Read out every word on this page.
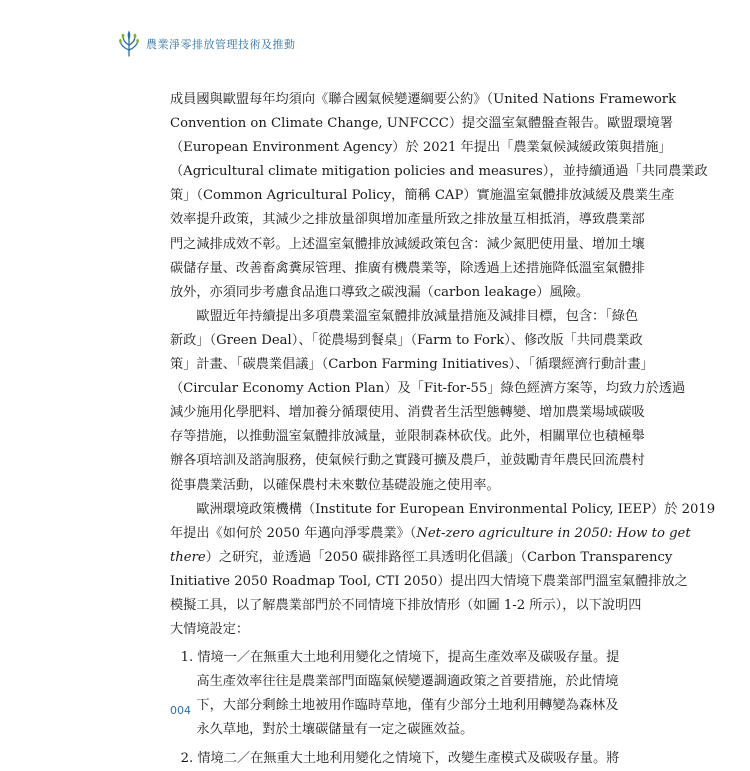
農業淨零排放管理技術及推動

成員國與歐盟每年均須向《聯合國氣候變遷綱要公約》（United Nations Framework
Convention on Climate Change, UNFCCC）提交溫室氣體盤查報告。歐盟環境署
（European Environment Agency）於 2021 年提出「農業氣候減緩政策與措施」
（Agricultural climate mitigation policies and measures），並持續通過「共同農業政
策」（Common Agricultural Policy，簡稱 CAP）實施溫室氣體排放減緩及農業生產
效率提升政策，其減少之排放量卻與增加產量所致之排放量互相抵消，導致農業部
門之減排成效不彰。上述溫室氣體排放減緩政策包含：減少氮肥使用量、增加土壤
碳儲存量、改善畜禽糞尿管理、推廣有機農業等，除透過上述措施降低溫室氣體排
放外，亦須同步考慮食品進口導致之碳洩漏（carbon leakage）風險。

歐盟近年持續提出多項農業溫室氣體排放減量措施及減排目標，包含：「綠色
新政」（Green Deal）、「從農場到餐桌」（Farm to Fork）、修改版「共同農業政
策」計畫、「碳農業倡議」（Carbon Farming Initiatives）、「循環經濟行動計畫」
（Circular Economy Action Plan）及「Fit-for-55」綠色經濟方案等，均致力於透過
減少施用化學肥料、增加養分循環使用、消費者生活型態轉變、增加農業場域碳吸
存等措施，以推動溫室氣體排放減量，並限制森林砍伐。此外，相關單位也積極舉
辦各項培訓及諮詢服務，使氣候行動之實踐可擴及農戶，並鼓勵青年農民回流農村
從事農業活動，以確保農村未來數位基礎設施之使用率。

歐洲環境政策機構（Institute for European Environmental Policy, IEEP）於 2019
年提出《如何於 2050 年邁向淨零農業》（Net-zero agriculture in 2050: How to get
there）之研究，並透過「2050 碳排路徑工具透明化倡議」（Carbon Transparency
Initiative 2050 Roadmap Tool, CTI 2050）提出四大情境下農業部門溫室氣體排放之
模擬工具，以了解農業部門於不同情境下排放情形（如圖 1-2 所示），以下說明四
大情境設定：

1. 情境一／在無重大土地利用變化之情境下，提高生產效率及碳吸存量。提
高生產效率往往是農業部門面臨氣候變遷調適政策之首要措施，於此情境
下，大部分剩餘土地被用作臨時草地，僅有少部分土地利用轉變為森林及
永久草地，對於土壤碳儲量有一定之碳匯效益。
2. 情境二／在無重大土地利用變化之情境下，改變生產模式及碳吸存量。將
004
